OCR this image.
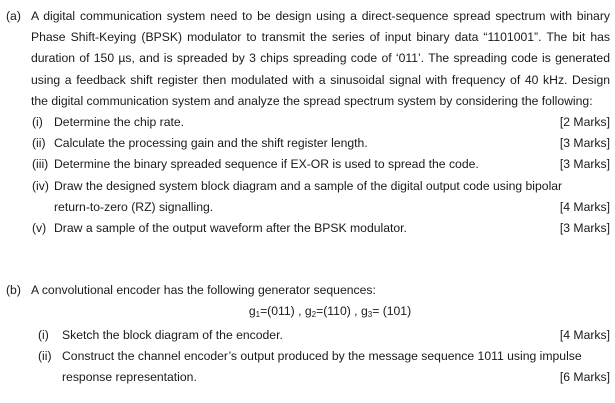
(a) A digital communication system need to be design using a direct-sequence spread spectrum with binary Phase Shift-Keying (BPSK) modulator to transmit the series of input binary data “1101001”. The bit has duration of 150 µs, and is spreaded by 3 chips spreading code of ‘011’. The spreading code is generated using a feedback shift register then modulated with a sinusoidal signal with frequency of 40 kHz. Design the digital communication system and analyze the spread spectrum system by considering the following:
(i) Determine the chip rate.	[2 Marks]
(ii) Calculate the processing gain and the shift register length.	[3 Marks]
(iii) Determine the binary spreaded sequence if EX-OR is used to spread the code.	[3 Marks]
(iv) Draw the designed system block diagram and a sample of the digital output code using bipolar
return-to-zero (RZ) signalling.	[4 Marks]
(v) Draw a sample of the output waveform after the BPSK modulator.	[3 Marks]
(b) A convolutional encoder has the following generator sequences:
$g_1=(011)$ , $g_2=(110)$ , $g_3= (101)$
(i) Sketch the block diagram of the encoder.	[4 Marks]
(ii) Construct the channel encoder’s output produced by the message sequence 1011 using impulse
response representation.	[6 Marks]
